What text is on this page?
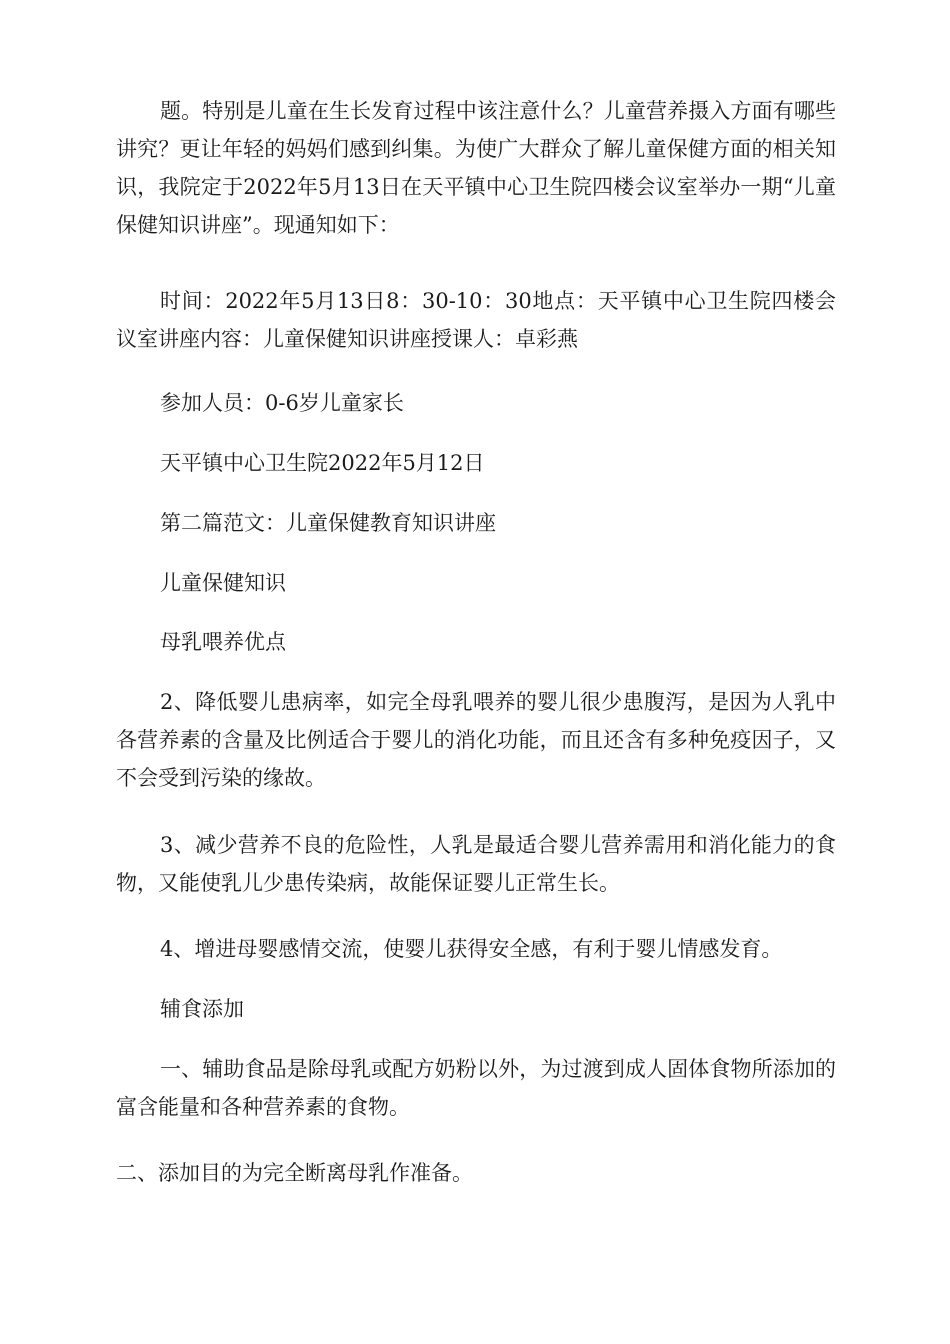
题。特别是儿童在生长发育过程中该注意什么？儿童营养摄入方面有哪些讲究？更让年轻的妈妈们感到纠集。为使广大群众了解儿童保健方面的相关知识，我院定于2022年5月13日在天平镇中心卫生院四楼会议室举办一期“儿童保健知识讲座”。现通知如下：

时间：2022年5月13日8：30-10：30地点：天平镇中心卫生院四楼会议室讲座内容：儿童保健知识讲座授课人：卓彩燕

参加人员：0-6岁儿童家长

天平镇中心卫生院2022年5月12日

第二篇范文：儿童保健教育知识讲座

儿童保健知识

母乳喂养优点

2、降低婴儿患病率，如完全母乳喂养的婴儿很少患腹泻，是因为人乳中各营养素的含量及比例适合于婴儿的消化功能，而且还含有多种免疫因子，又不会受到污染的缘故。

3、减少营养不良的危险性，人乳是最适合婴儿营养需用和消化能力的食物，又能使乳儿少患传染病，故能保证婴儿正常生长。

4、增进母婴感情交流，使婴儿获得安全感，有利于婴儿情感发育。

辅食添加

一、辅助食品是除母乳或配方奶粉以外，为过渡到成人固体食物所添加的富含能量和各种营养素的食物。

二、添加目的为完全断离母乳作准备。
